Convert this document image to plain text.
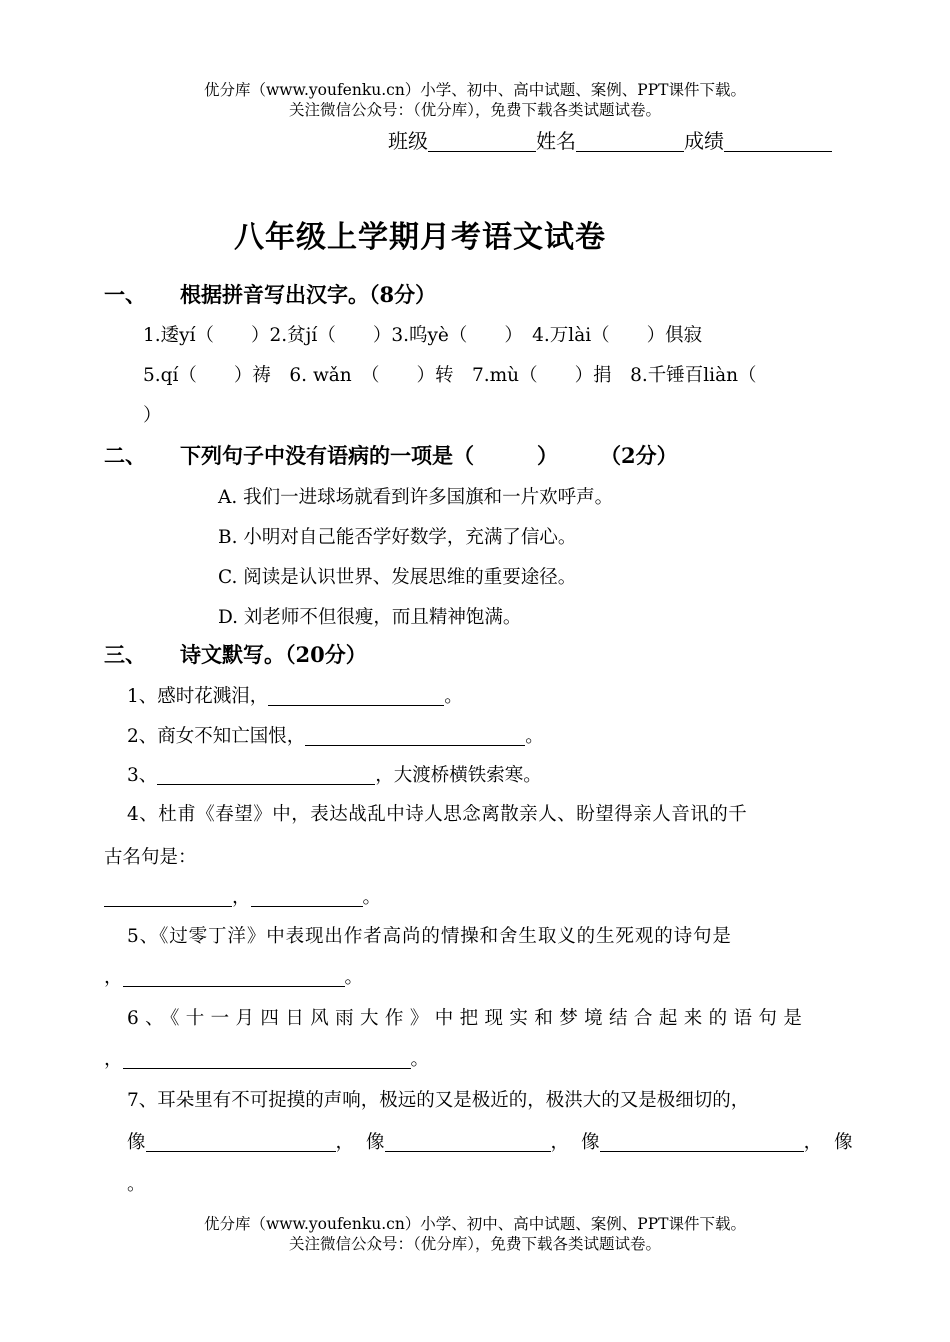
优分库（www.youfenku.cn）小学、初中、高中试题、案例、PPT课件下载。
关注微信公众号：（优分库），免费下载各类试题试卷。
班级	姓名	成绩
八年级上学期月考语文试卷
一、 根据拼音写出汉字。（8分）
1.逶yí（　　）2.贫jí（　　）3.呜yè（　　）　4.万lài（　　）俱寂
5.qí（　　）祷　6. wǎn　（　　）转　7.mù（　　）捐　8.千锤百liàn（
）
二、 下列句子中没有语病的一项是（　　　）　　　（2分）
A. 我们一进球场就看到许多国旗和一片欢呼声。
B. 小明对自己能否学好数学，充满了信心。
C. 阅读是认识世界、发展思维的重要途径。
D. 刘老师不但很瘦，而且精神饱满。
三、 诗文默写。（20分）
1、感时花溅泪，	。
2、商女不知亡国恨，	。
3、	，大渡桥横铁索寒。
4、杜甫《春望》中，表达战乱中诗人思念离散亲人、盼望得亲人音讯的千
古名句是：
，	。
5、《过零丁洋》中表现出作者高尚的情操和舍生取义的生死观的诗句是
，	。
6、《十一月四日风雨大作》中把现实和梦境结合起来的语句是
，	。
7、耳朵里有不可捉摸的声响，极远的又是极近的，极洪大的又是极细切的，
像	， 像	， 像	， 像
。
优分库（www.youfenku.cn）小学、初中、高中试题、案例、PPT课件下载。
关注微信公众号：（优分库），免费下载各类试题试卷。
